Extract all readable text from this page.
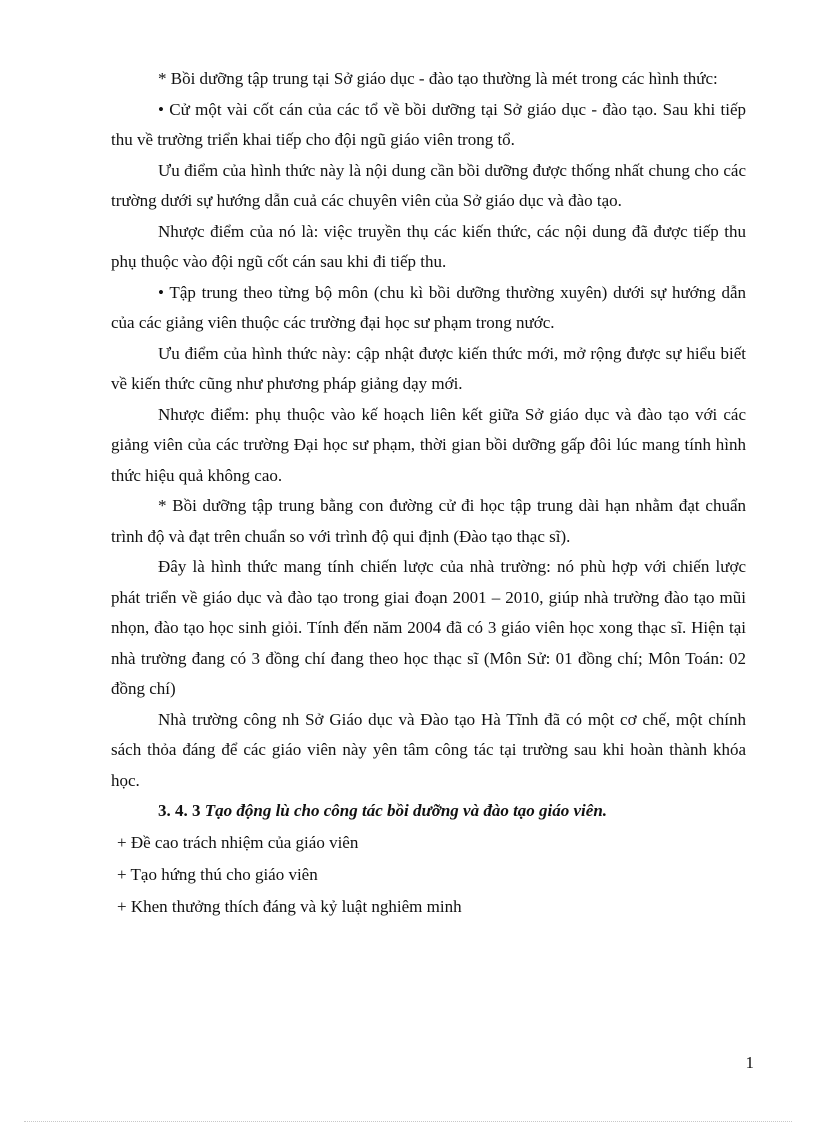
* Bồi dưỡng tập trung tại Sở giáo dục - đào tạo thường là mét trong các hình thức:

• Cử một vài cốt cán của các tổ về bồi dưỡng tại Sở giáo dục - đào tạo. Sau khi tiếp thu về trường triển khai tiếp cho đội ngũ giáo viên trong tổ.

Ưu điểm của hình thức này là nội dung cần bồi dưỡng được thống nhất chung cho các trường dưới sự hướng dẫn cuả các chuyên viên của Sở giáo dục và đào tạo.

Nhược điểm của nó là: việc truyền thụ các kiến thức, các nội dung đã được tiếp thu phụ thuộc vào đội ngũ cốt cán sau khi đi tiếp thu.

• Tập trung theo từng bộ môn (chu kì bồi dưỡng thường xuyên) dưới sự hướng dẫn của các giảng viên thuộc các trường đại học sư phạm trong nước.

Ưu điểm của hình thức này: cập nhật được kiến thức mới, mở rộng được sự hiểu biết về kiến thức cũng như phương pháp giảng dạy mới.

Nhược điểm: phụ thuộc vào kế hoạch liên kết giữa Sở giáo dục và đào tạo với các giảng viên của các trường Đại học sư phạm, thời gian bồi dưỡng gấp đôi lúc mang tính hình thức hiệu quả không cao.

* Bồi dưỡng tập trung bằng con đường cử đi học tập trung dài hạn nhằm đạt chuẩn trình độ và đạt trên chuẩn so với trình độ qui định (Đào tạo thạc sĩ).

Đây là hình thức mang tính chiến lược của nhà trường: nó phù hợp với chiến lược phát triển về giáo dục và đào tạo trong giai đoạn 2001 – 2010, giúp nhà trường đào tạo mũi nhọn, đào tạo học sinh giỏi. Tính đến năm 2004 đã có 3 giáo viên học xong thạc sĩ. Hiện tại nhà trường đang có 3 đồng chí đang theo học thạc sĩ (Môn Sử: 01 đồng chí; Môn Toán: 02 đồng chí)

Nhà trường công nh Sở Giáo dục và Đào tạo Hà Tĩnh đã có một cơ chế, một chính sách thỏa đáng để các giáo viên này yên tâm công tác tại trường sau khi hoàn thành khóa học.

3. 4. 3 Tạo động lù cho công tác bồi dưỡng và đào tạo giáo viên.

+ Đề cao trách nhiệm của giáo viên

+ Tạo hứng thú cho giáo viên

+ Khen thưởng thích đáng và kỷ luật nghiêm minh

1
